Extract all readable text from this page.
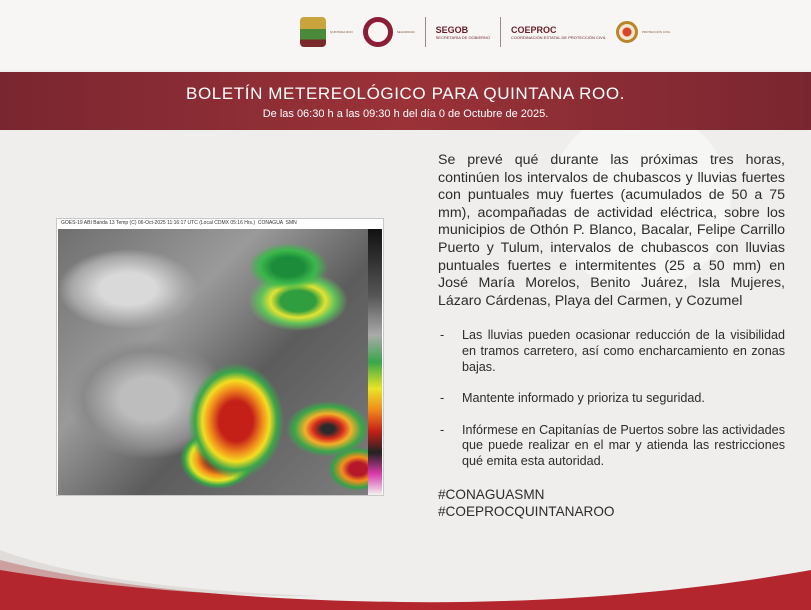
QUINTANA ROO	SEGURIDAD SEGOB
SECRETARÍA DE GOBIERNO
COEPROC
COORDINACIÓN ESTATAL DE PROTECCIÓN CIVIL
PROTECCIÓN CIVIL
BOLETÍN METEREOLÓGICO PARA QUINTANA ROO.
De las 06:30 h a las 09:30 h del día 0 de Octubre de 2025.
GOES-19 ABI Banda 13 Temp (C) 06-Oct-2025 11:16:17 UTC (Local CDMX 05:16 Hrs.) CONAGUA SMN

Se prevé qué durante las próximas tres horas, continúen los intervalos de chubascos y lluvias fuertes con puntuales muy fuertes (acumulados de 50 a 75 mm), acompañadas de actividad eléctrica, sobre los municipios de Othón P. Blanco, Bacalar, Felipe Carrillo Puerto y Tulum, intervalos de chubascos con lluvias puntuales fuertes e intermitentes (25 a 50 mm) en José María Morelos, Benito Juárez, Isla Mujeres, Lázaro Cárdenas, Playa del Carmen, y Cozumel

- Las lluvias pueden ocasionar reducción de la visibilidad en tramos carretero, así como encharcamiento en zonas bajas.
- Mantente informado y prioriza tu seguridad.
- Infórmese en Capitanías de Puertos sobre las actividades que puede realizar en el mar y atienda las restricciones qué emita esta autoridad.
#CONAGUASMN
#COEPROCQUINTANAROO
